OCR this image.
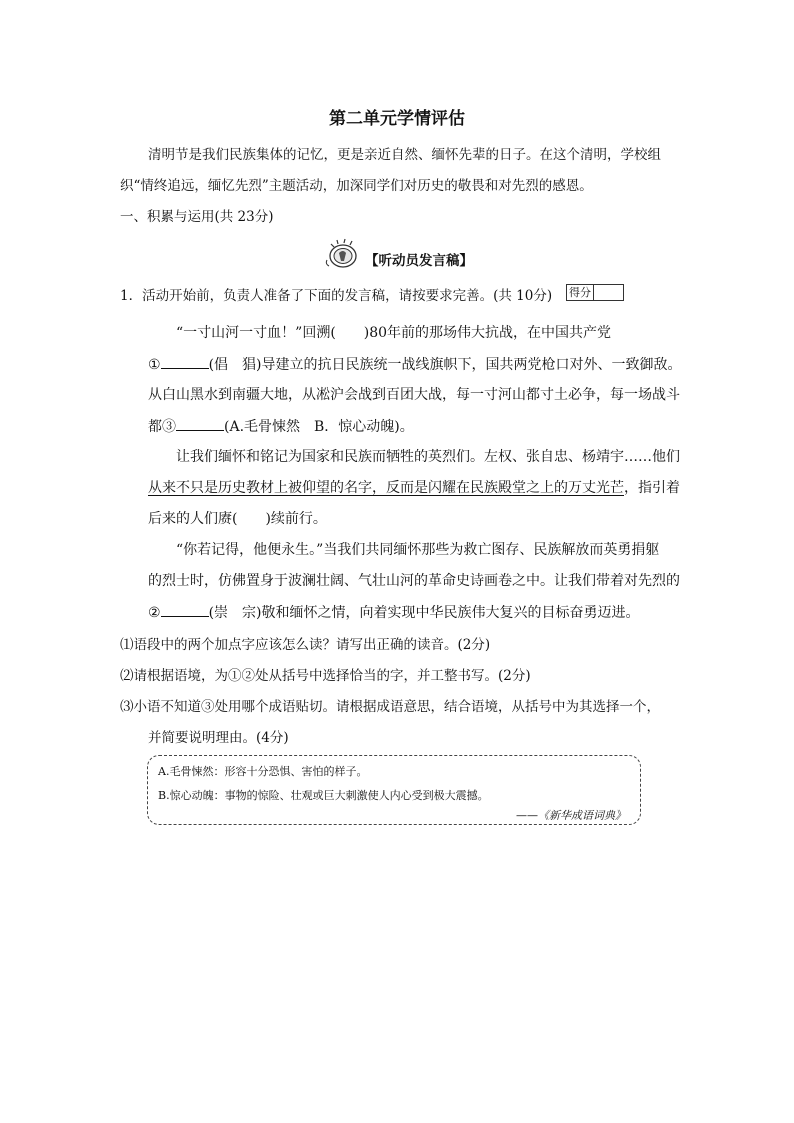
第二单元学情评估
清明节是我们民族集体的记忆，更是亲近自然、缅怀先辈的日子。在这个清明，学校组
织“情终追远，缅忆先烈”主题活动，加深同学们对历史的敬畏和对先烈的感恩。
一、积累与运用(共 23分)
【听动员发言稿】
1．活动开始前，负责人准备了下面的发言稿，请按要求完善。(共 10分) 得分
“一寸山河一寸血！”回溯(　　)80年前的那场伟大抗战，在中国共产党
①	(倡　猖)导建立的抗日民族统一战线旗帜下，国共两党枪口对外、一致御敌。
从白山黑水到南疆大地，从凇沪会战到百团大战，每一寸河山都寸土必争，每一场战斗
都③	(A.毛骨悚然　B．惊心动魄)。
让我们缅怀和铭记为国家和民族而牺牲的英烈们。左权、张自忠、杨靖宇……他们
从来不只是历史教材上被仰望的名字，反而是闪耀在民族殿堂之上的万丈光芒，指引着
后来的人们赓(　　)续前行。
“你若记得，他便永生。”当我们共同缅怀那些为救亡图存、民族解放而英勇捐躯
的烈士时，仿佛置身于波澜壮阔、气壮山河的革命史诗画卷之中。让我们带着对先烈的
②	(崇　宗)敬和缅怀之情，向着实现中华民族伟大复兴的目标奋勇迈进。
⑴语段中的两个加点字应该怎么读？请写出正确的读音。(2分)
⑵请根据语境，为①②处从括号中选择恰当的字，并工整书写。(2分)
⑶小语不知道③处用哪个成语贴切。请根据成语意思，结合语境，从括号中为其选择一个，
并简要说明理由。(4分)
A.毛骨悚然：形容十分恐惧、害怕的样子。
B.惊心动魄：事物的惊险、壮观或巨大刺激使人内心受到极大震撼。
——《新华成语词典》
